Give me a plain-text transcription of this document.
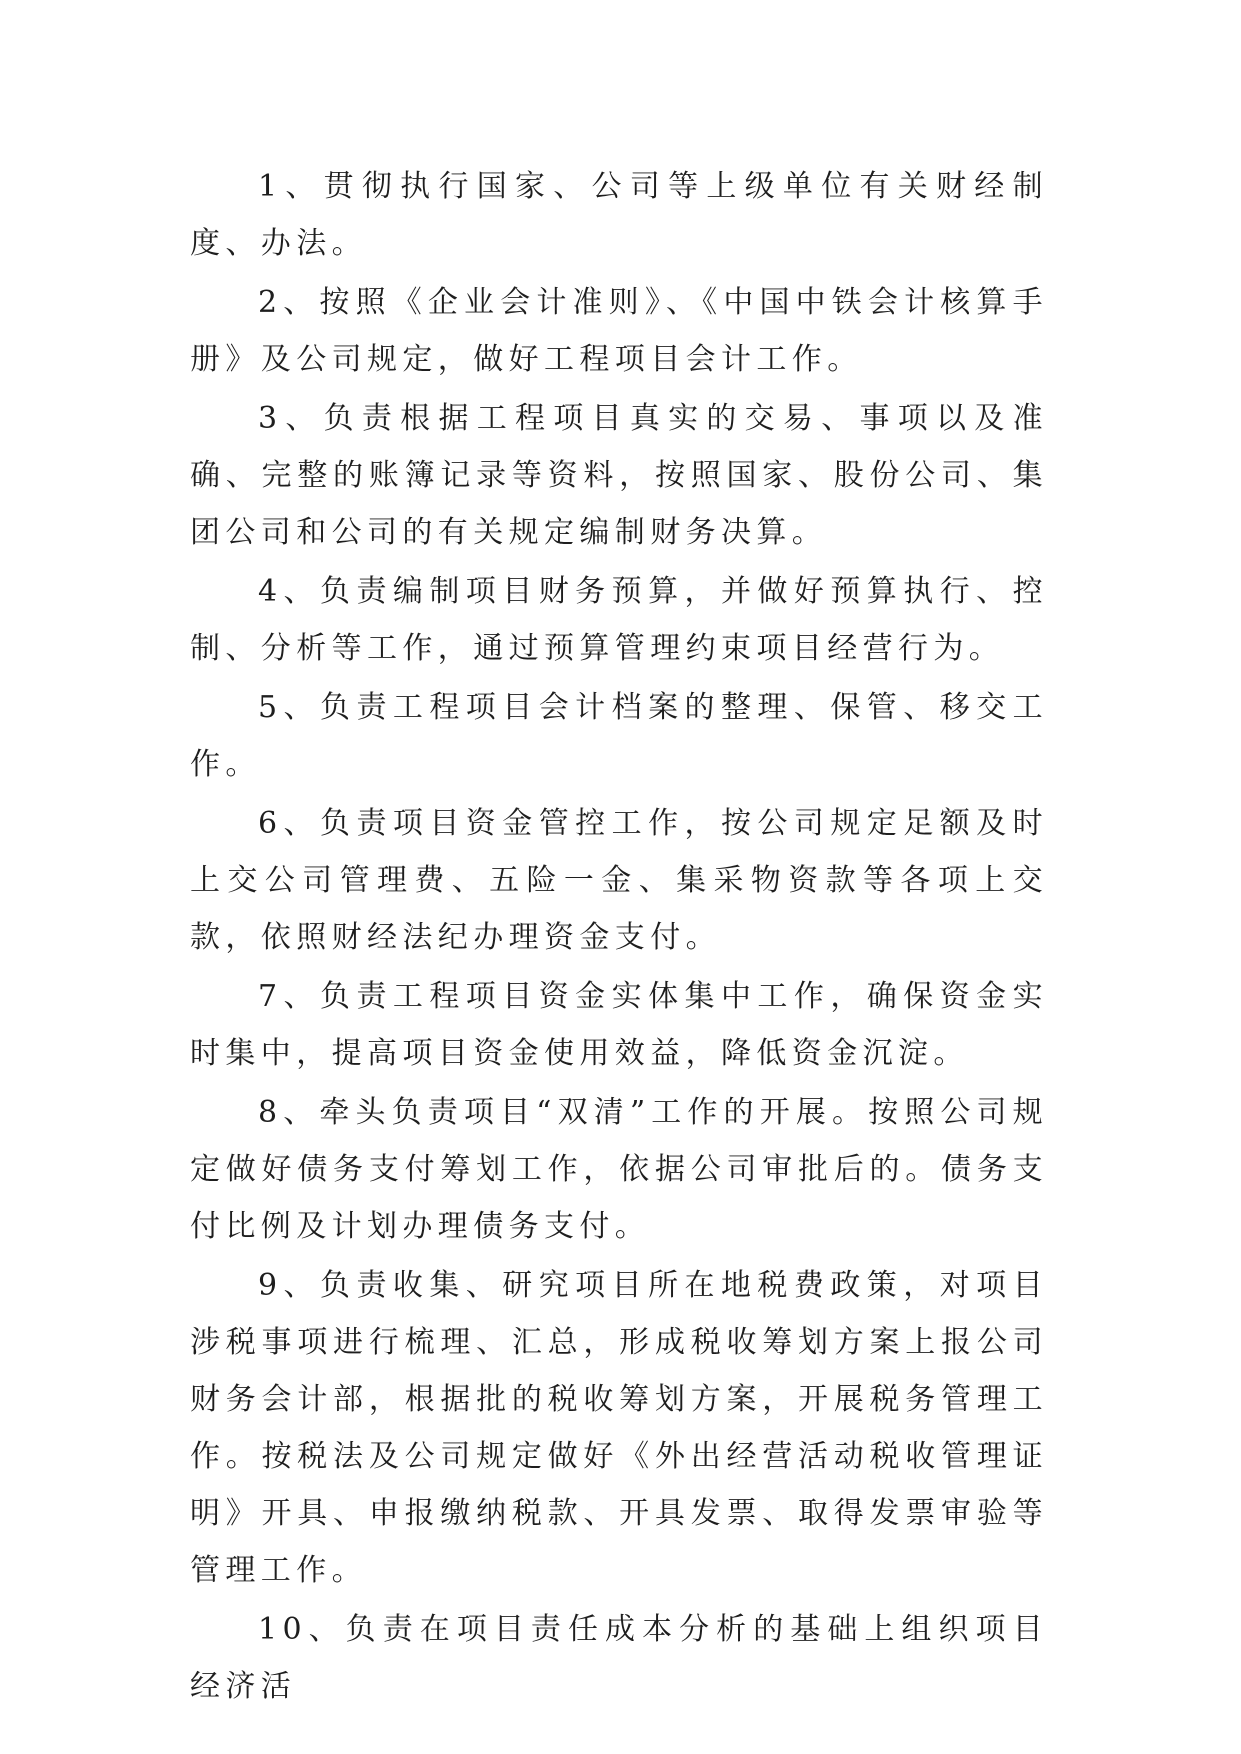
1、贯彻执行国家、公司等上级单位有关财经制度、办法。

2、按照《企业会计准则》、《中国中铁会计核算手册》及公司规定，做好工程项目会计工作。

3、负责根据工程项目真实的交易、事项以及准确、完整的账簿记录等资料，按照国家、股份公司、集团公司和公司的有关规定编制财务决算。

4、负责编制项目财务预算，并做好预算执行、控制、分析等工作，通过预算管理约束项目经营行为。

5、负责工程项目会计档案的整理、保管、移交工作。

6、负责项目资金管控工作，按公司规定足额及时上交公司管理费、五险一金、集采物资款等各项上交款，依照财经法纪办理资金支付。

7、负责工程项目资金实体集中工作，确保资金实时集中，提高项目资金使用效益，降低资金沉淀。

8、牵头负责项目“双清”工作的开展。按照公司规定做好债务支付筹划工作，依据公司审批后的。债务支付比例及计划办理债务支付。

9、负责收集、研究项目所在地税费政策，对项目涉税事项进行梳理、汇总，形成税收筹划方案上报公司财务会计部，根据批的税收筹划方案，开展税务管理工作。按税法及公司规定做好《外出经营活动税收管理证明》开具、申报缴纳税款、开具发票、取得发票审验等管理工作。

10、负责在项目责任成本分析的基础上组织项目经济活
